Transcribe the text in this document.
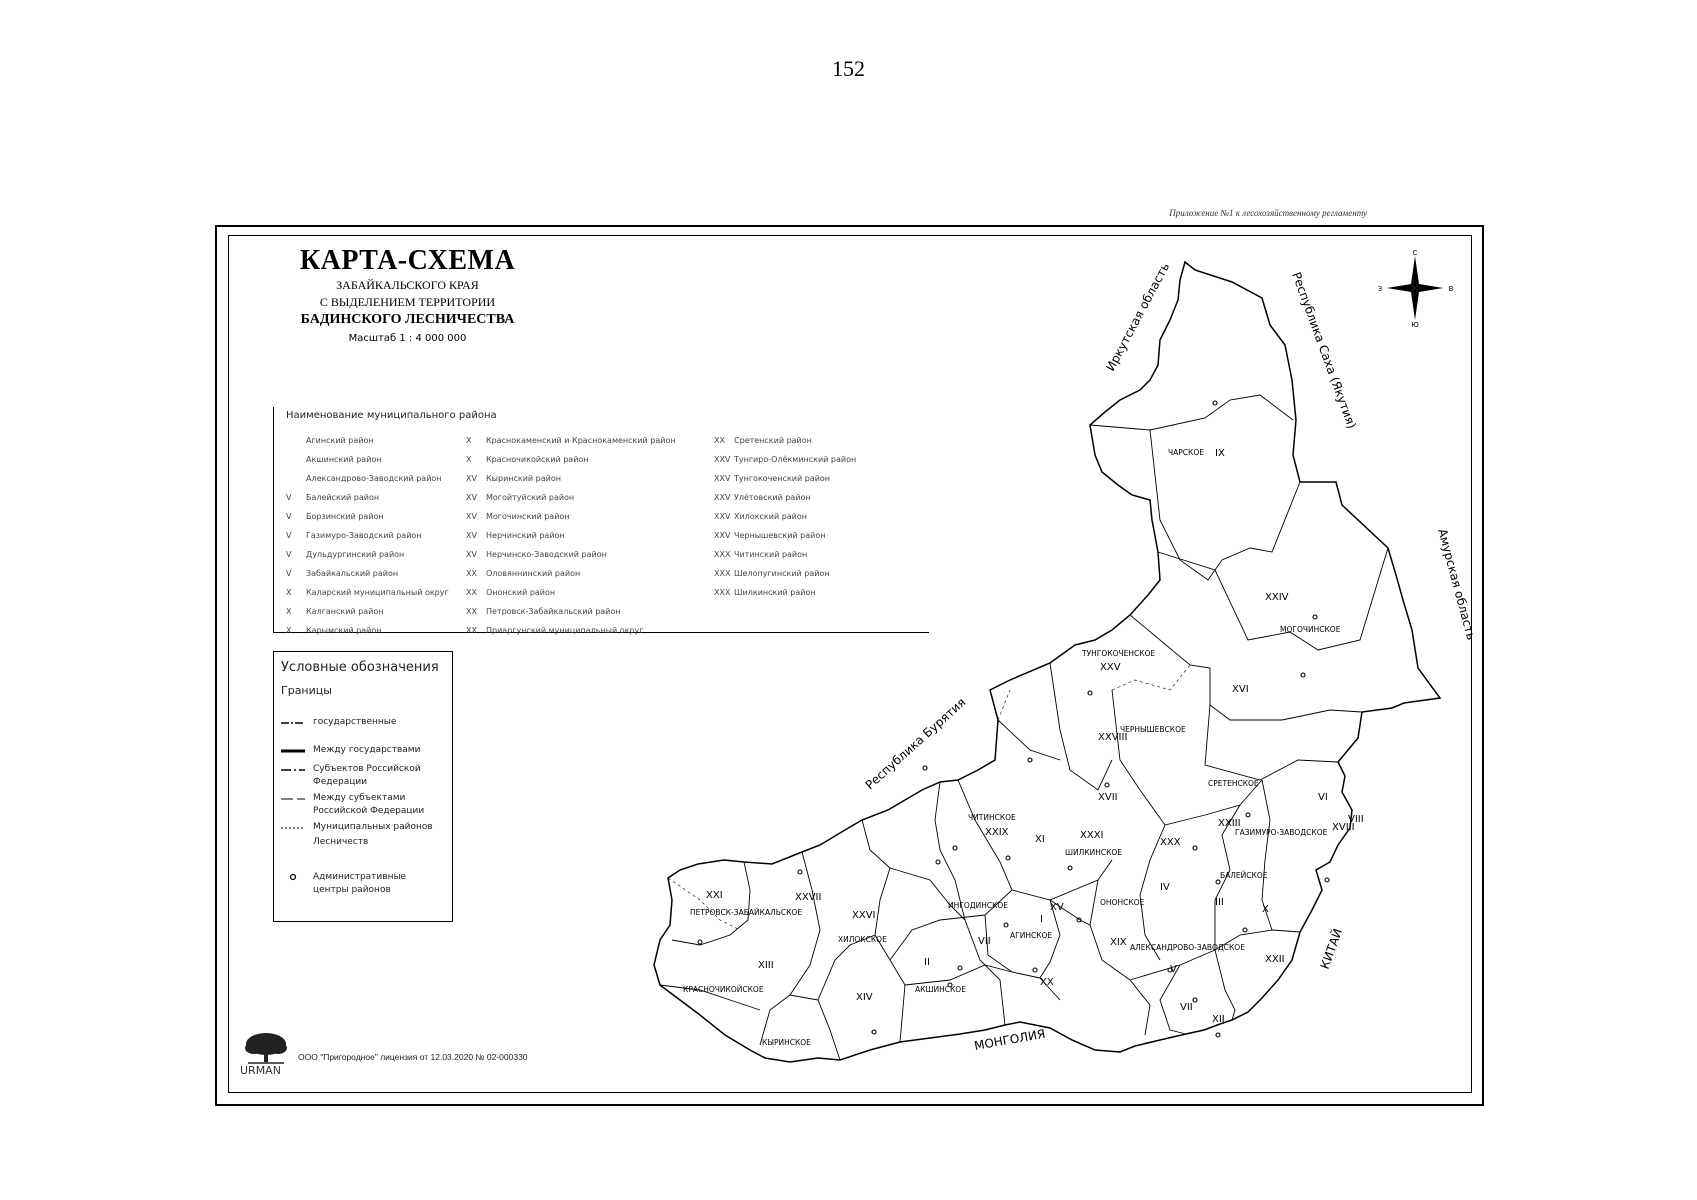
152
Приложение №1 к лесохозяйственному регламенту
КАРТА-СХЕМА
ЗАБАЙКАЛЬСКОГО КРАЯ
С ВЫДЕЛЕНИЕМ ТЕРРИТОРИИ
БАДИНСКОГО ЛЕСНИЧЕСТВА
Масштаб 1 : 4 000 000
Наименование муниципального района
Агинский район
Акшинский район
Александрово-Заводский район
V Балейский район
V Борзинский район
V Газимуро-Заводский район
V Дульдургинский район
V Забайкальский район
X Каларский муниципальный округ
X Калганский район
X Карымский район
X Краснокаменский и Краснокаменский район
X Красночикойский район
XV Кыринский район
XV Могойтуйский район
XV Могочинский район
XV Нерчинский район
XV Нерчинско-Заводский район
XX Оловяннинский район
XX Ононский район
XX Петровск-Забайкальский район
XX Приаргунский муниципальный округ
XX Сретенский район
XXV Тунгиро-Олёкминский район
XXV Тунгокоченский район
XXV Улётовский район
XXV Хилокский район
XXV Чернышевский район
XXX Читинский район
XXX Шелопугинский район
XXX Шилкинский район
Условные обозначения
Границы
государственные
Между государствами
Субъектов Российской Федерации
Между субъектами Российской Федерации
Муниципальных районов
Лесничеств
Административные центры районов
С
Ю
З	В
Иркутская область	Республика Саха (Якутия)
Амурская область
Республика Бурятия
МОНГОЛИЯ
КИТАЙ
ЧАРСКОЕ
МОГОЧИНСКОЕ
ТУНГОКОЧЕНСКОЕ
ЧЕРНЫШЕВСКОЕ
СРЕТЕНСКОЕ
ШИЛКИНСКОЕ
ЧИТИНСКОЕ
АГИНСКОЕ
КРАСНОЧИКОЙСКОЕ
ХИЛОКСКОЕ
КЫРИНСКОЕ
АКШИНСКОЕ
АЛЕКСАНДРОВО-ЗАВОДСКОЕ
ПЕТРОВСК-ЗАБАЙКАЛЬСКОЕ
ИНГОДИНСКОЕ
ГАЗИМУРО-ЗАВОДСКОЕ
БАЛЕЙСКОЕ
ОНОНСКОЕ
IX
XXIV
XXV
XVI
XXVIII
XVII	VI
XXIII	XVIII
XXIX
XI	XXXI
XXX
IV
III
X
XV
I
XIX
VII
XXII
V
XII
VII
XX
II
XXVII
XXVI
XXI
XIII
XIV
VIII
URMAN
ООО "Пригородное" лицензия от 12.03.2020 № 02-000330
